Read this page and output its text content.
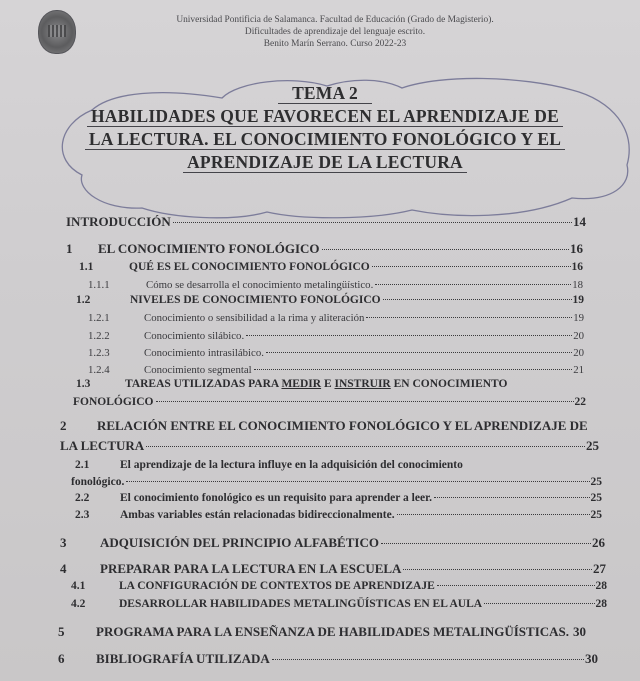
Universidad Pontificia de Salamanca. Facultad de Educación (Grado de Magisterio).
Dificultades de aprendizaje del lenguaje escrito.
Benito Marín Serrano. Curso 2022-23
TEMA 2
HABILIDADES QUE FAVORECEN EL APRENDIZAJE DE
LA LECTURA. EL CONOCIMIENTO FONOLÓGICO Y EL
APRENDIZAJE DE LA LECTURA
INTRODUCCIÓN	14
1	EL CONOCIMIENTO FONOLÓGICO	16
1.1	QUÉ ES EL CONOCIMIENTO FONOLÓGICO	16
1.1.1	Cómo se desarrolla el conocimiento metalingüístico.	18
1.2	NIVELES DE CONOCIMIENTO FONOLÓGICO	19
1.2.1	Conocimiento o sensibilidad a la rima y aliteración	19
1.2.2	Conocimiento silábico.	20
1.2.3	Conocimiento intrasilábico.	20
1.2.4	Conocimiento segmental	21
1.3	TAREAS UTILIZADAS PARA MEDIR E INSTRUIR EN CONOCIMIENTO
FONOLÓGICO	22
2	RELACIÓN ENTRE EL CONOCIMIENTO FONOLÓGICO Y EL APRENDIZAJE DE
LA LECTURA	25
2.1	El aprendizaje de la lectura influye en la adquisición del conocimiento
fonológico.	25
2.2	El conocimiento fonológico es un requisito para aprender a leer.	25
2.3	Ambas variables están relacionadas bidireccionalmente.	25
3	ADQUISICIÓN DEL PRINCIPIO ALFABÉTICO	26
4	PREPARAR PARA LA LECTURA EN LA ESCUELA	27
4.1	LA CONFIGURACIÓN DE CONTEXTOS DE APRENDIZAJE	28
4.2	DESARROLLAR HABILIDADES METALINGÜÍSTICAS EN EL AULA	28
5	PROGRAMA PARA LA ENSEÑANZA DE HABILIDADES METALINGÜÍSTICAS. 30
6	BIBLIOGRAFÍA UTILIZADA	30
